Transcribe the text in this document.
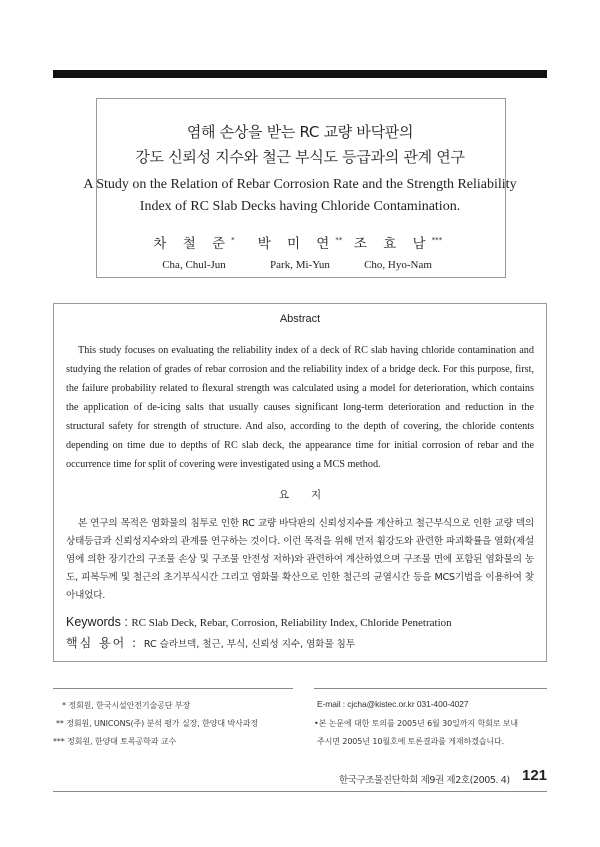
염해 손상을 받는 RC 교량 바닥판의
강도 신뢰성 지수와 철근 부식도 등급과의 관계 연구
A Study on the Relation of Rebar Corrosion Rate and the Strength Reliability
Index of RC Slab Decks having Chloride Contamination.
차 철 준*
Cha, Chul-Jun
박 미 연**
Park, Mi-Yun
조 효 남***
Cho, Hyo-Nam
Abstract

This study focuses on evaluating the reliability index of a deck of RC slab having chloride contamination and studying the relation of grades of rebar corrosion and the reliability index of a bridge deck. For this purpose, first, the failure probability related to flexural strength was calculated using a model for deterioration, which contains the application of de-icing salts that usually causes significant long-term deterioration and reduction in the structural safety for strength of structure. And also, according to the depth of covering, the chloride contents depending on time due to depths of RC slab deck, the appearance time for initial corrosion of rebar and the occurrence time for split of covering were investigated using a MCS method.

요지

본 연구의 목적은 염화물의 침투로 인한 RC 교량 바닥판의 신뢰성지수를 계산하고 철근부식으로 인한 교량 덱의 상태등급과 신뢰성지수와의 관계를 연구하는 것이다. 이런 목적을 위해 먼저 휨강도와 관련한 파괴확률을 열화(제설염에 의한 장기간의 구조물 손상 및 구조물 안전성 저하)와 관련하여 계산하였으며 구조물 면에 포함된 염화물의 농도, 피복두께 및 철근의 초기부식시간 그리고 염화물 확산으로 인한 철근의 균열시간 등을 MCS기법을 이용하여 찾아내었다.

Keywords : RC Slab Deck, Rebar, Corrosion, Reliability Index, Chloride Penetration
핵심 용어 : RC 슬라브덱, 철근, 부식, 신뢰성 지수, 염화물 침투
* 정회원, 한국시설안전기술공단 부장
** 정회원, UNICONS(주) 분석 평가 실장, 한양대 박사과정
*** 정회원, 한양대 토목공학과 교수
E-mail : cjcha@kistec.or.kr 031-400-4027
•본 논문에 대한 토의를 2005년 6월 30일까지 학회로 보내
주시면 2005년 10월호에 토론결과를 게재하겠습니다.
한국구조물진단학회 제9권 제2호(2005. 4) 121
